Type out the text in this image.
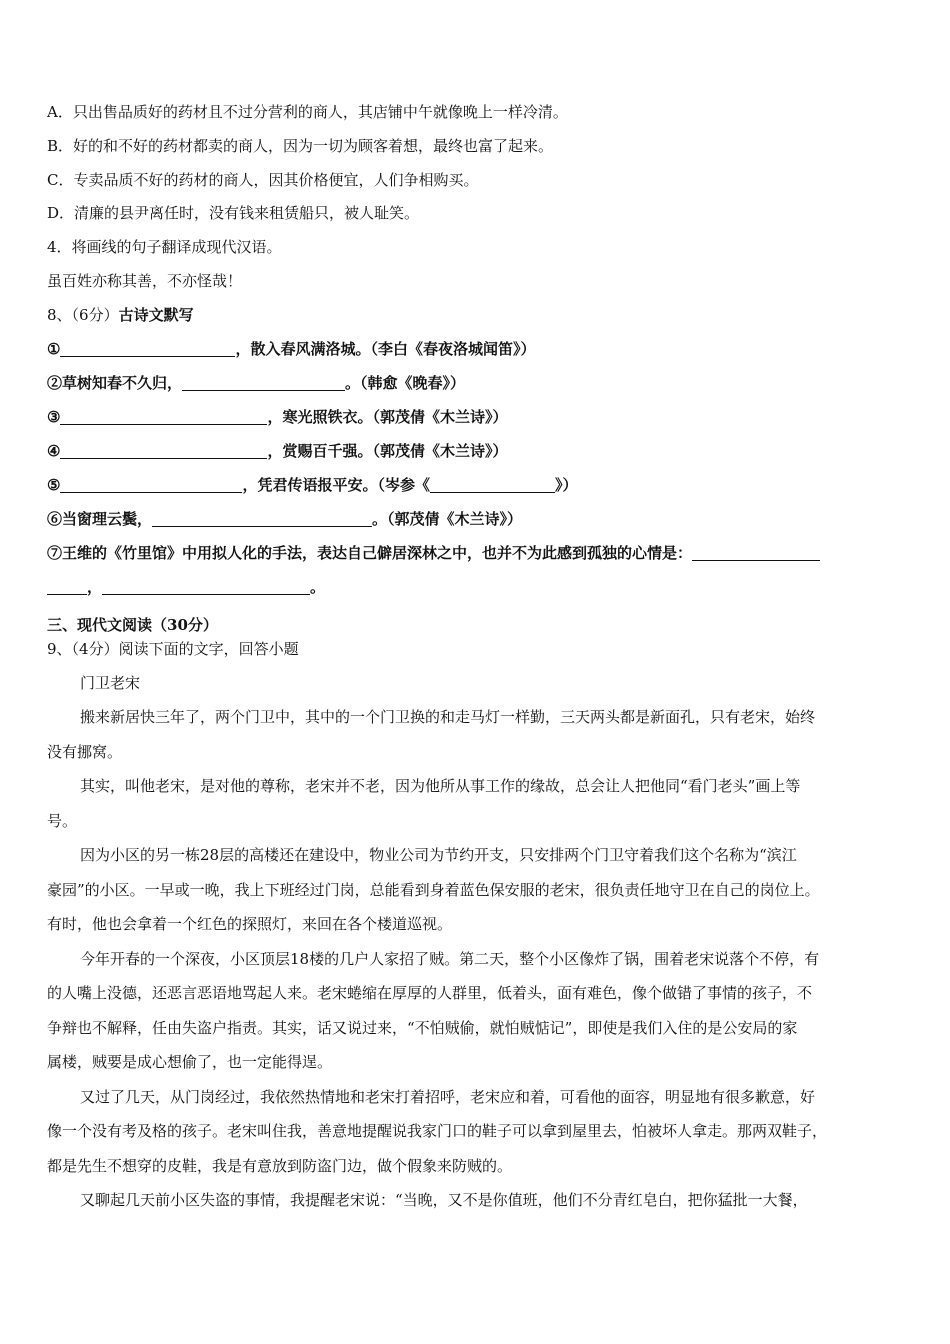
A．只出售品质好的药材且不过分营利的商人，其店铺中午就像晚上一样冷清。
B．好的和不好的药材都卖的商人，因为一切为顾客着想，最终也富了起来。
C．专卖品质不好的药材的商人，因其价格便宜，人们争相购买。
D．清廉的县尹离任时，没有钱来租赁船只，被人耻笑。
4．将画线的句子翻译成现代汉语。
虽百姓亦称其善，不亦怪哉！
8、（6分）古诗文默写
①	，散入春风满洛城。（李白《春夜洛城闻笛》）
②草树知春不久归，	。（韩愈《晚春》）
③	，寒光照铁衣。（郭茂倩《木兰诗》）
④	，赏赐百千强。（郭茂倩《木兰诗》）
⑤	，凭君传语报平安。（岑参《	》）
⑥当窗理云鬓，	。（郭茂倩《木兰诗》）
⑦王维的《竹里馆》中用拟人化的手法，表达自己僻居深林之中，也并不为此感到孤独的心情是：
，	。
三、现代文阅读（30分）
9、（4分）阅读下面的文字，回答小题
门卫老宋
搬来新居快三年了，两个门卫中，其中的一个门卫换的和走马灯一样勤，三天两头都是新面孔，只有老宋，始终
没有挪窝。
其实，叫他老宋，是对他的尊称，老宋并不老，因为他所从事工作的缘故，总会让人把他同“看门老头”画上等
号。
因为小区的另一栋28层的高楼还在建设中，物业公司为节约开支，只安排两个门卫守着我们这个名称为“滨江
豪园”的小区。一早或一晚，我上下班经过门岗，总能看到身着蓝色保安服的老宋，很负责任地守卫在自己的岗位上。
有时，他也会拿着一个红色的探照灯，来回在各个楼道巡视。
今年开春的一个深夜，小区顶层18楼的几户人家招了贼。第二天，整个小区像炸了锅，围着老宋说落个不停，有
的人嘴上没德，还恶言恶语地骂起人来。老宋蜷缩在厚厚的人群里，低着头，面有难色，像个做错了事情的孩子，不
争辩也不解释，任由失盗户指责。其实，话又说过来，“不怕贼偷，就怕贼惦记”，即使是我们入住的是公安局的家
属楼，贼要是成心想偷了，也一定能得逞。
又过了几天，从门岗经过，我依然热情地和老宋打着招呼，老宋应和着，可看他的面容，明显地有很多歉意，好
像一个没有考及格的孩子。老宋叫住我，善意地提醒说我家门口的鞋子可以拿到屋里去，怕被坏人拿走。那两双鞋子，
都是先生不想穿的皮鞋，我是有意放到防盗门边，做个假象来防贼的。
又聊起几天前小区失盗的事情，我提醒老宋说：“当晚，又不是你值班，他们不分青红皂白，把你猛批一大餐，
